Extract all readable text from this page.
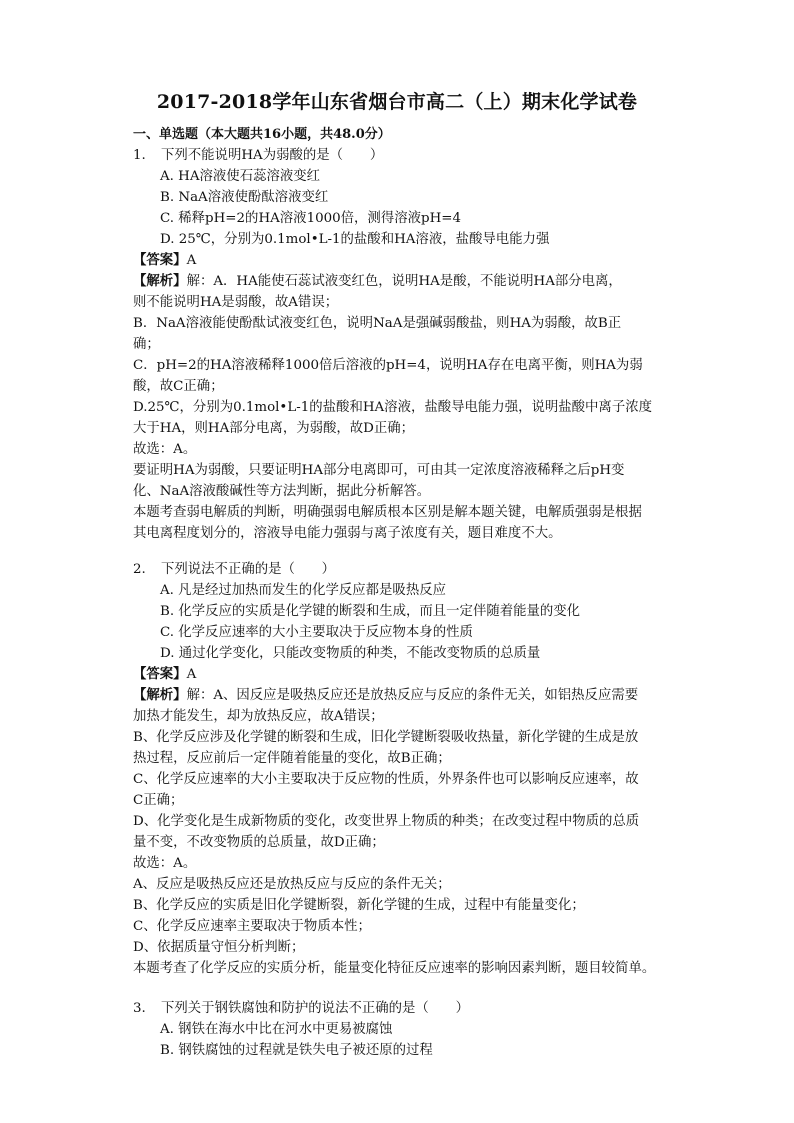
2017-2018学年山东省烟台市高二（上）期末化学试卷
一、单选题（本大题共16小题，共48.0分）
1. 下列不能说明HA为弱酸的是（　　）
A. HA溶液使石蕊溶液变红
B. NaA溶液使酚酞溶液变红
C. 稀释pH=2的HA溶液1000倍，测得溶液pH=4
D. 25℃，分别为0.1mol•L-1的盐酸和HA溶液，盐酸导电能力强
【答案】A
【解析】解：A．HA能使石蕊试液变红色，说明HA是酸，不能说明HA部分电离，
则不能说明HA是弱酸，故A错误；
B．NaA溶液能使酚酞试液变红色，说明NaA是强碱弱酸盐，则HA为弱酸，故B正
确；
C．pH=2的HA溶液稀释1000倍后溶液的pH=4，说明HA存在电离平衡，则HA为弱
酸，故C正确；
D.25℃，分别为0.1mol•L-1的盐酸和HA溶液，盐酸导电能力强，说明盐酸中离子浓度
大于HA，则HA部分电离，为弱酸，故D正确；
故选：A。
要证明HA为弱酸，只要证明HA部分电离即可，可由其一定浓度溶液稀释之后pH变
化、NaA溶液酸碱性等方法判断，据此分析解答。
本题考查弱电解质的判断，明确强弱电解质根本区别是解本题关键，电解质强弱是根据
其电离程度划分的，溶液导电能力强弱与离子浓度有关，题目难度不大。
2. 下列说法不正确的是（　　）
A. 凡是经过加热而发生的化学反应都是吸热反应
B. 化学反应的实质是化学键的断裂和生成，而且一定伴随着能量的变化
C. 化学反应速率的大小主要取决于反应物本身的性质
D. 通过化学变化，只能改变物质的种类，不能改变物质的总质量
【答案】A
【解析】解：A、因反应是吸热反应还是放热反应与反应的条件无关，如铝热反应需要
加热才能发生，却为放热反应，故A错误；
B、化学反应涉及化学键的断裂和生成，旧化学键断裂吸收热量，新化学键的生成是放
热过程，反应前后一定伴随着能量的变化，故B正确；
C、化学反应速率的大小主要取决于反应物的性质，外界条件也可以影响反应速率，故
C正确；
D、化学变化是生成新物质的变化，改变世界上物质的种类；在改变过程中物质的总质
量不变，不改变物质的总质量，故D正确；
故选：A。
A、反应是吸热反应还是放热反应与反应的条件无关；
B、化学反应的实质是旧化学键断裂，新化学键的生成，过程中有能量变化；
C、化学反应速率主要取决于物质本性；
D、依据质量守恒分析判断；
本题考查了化学反应的实质分析，能量变化特征反应速率的影响因素判断，题目较简单。
3. 下列关于钢铁腐蚀和防护的说法不正确的是（　　）
A. 钢铁在海水中比在河水中更易被腐蚀
B. 钢铁腐蚀的过程就是铁失电子被还原的过程
